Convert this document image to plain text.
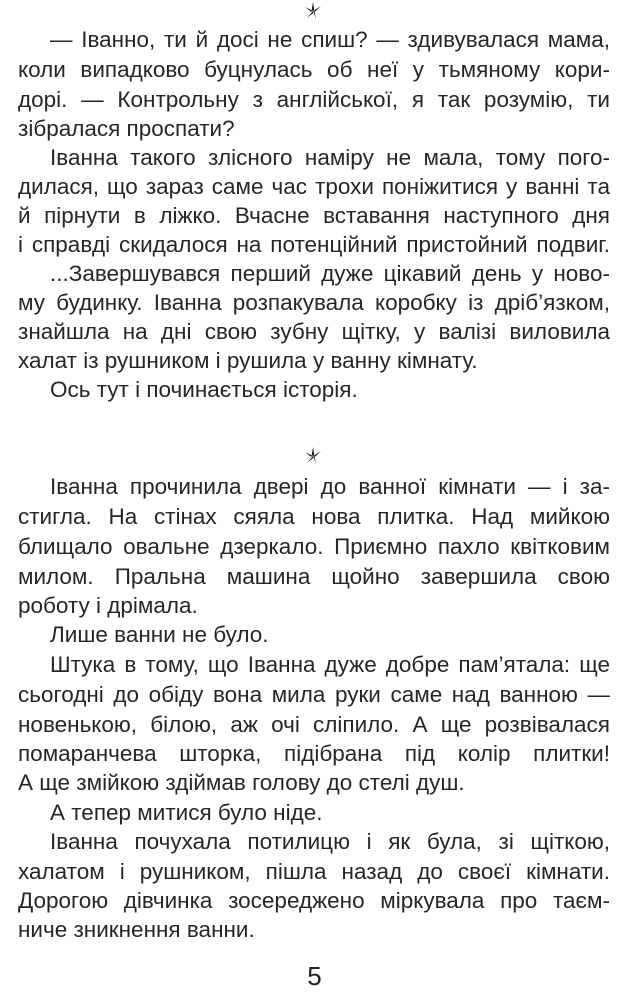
— Іванно, ти й досі не спиш? — здивувалася мама,
коли випадково буцнулась об неї у тьмяному кори-
дорі. — Контрольну з англійської, я так розумію, ти
зібралася проспати?
Іванна такого злісного наміру не мала, тому пого-
дилася, що зараз саме час трохи поніжитися у ванні та
й пірнути в ліжко. Вчасне вставання наступного дня
і справді скидалося на потенційний пристойний подвиг.
...Завершувався перший дуже цікавий день у ново-
му будинку. Іванна розпакувала коробку із дріб’язком,
знайшла на дні свою зубну щітку, у валізі виловила
халат із рушником і рушила у ванну кімнату.
Ось тут і починається історія.
Іванна прочинила двері до ванної кімнати — і за-
стигла. На стінах сяяла нова плитка. Над мийкою
блищало овальне дзеркало. Приємно пахло квітковим
милом. Пральна машина щойно завершила свою
роботу і дрімала.
Лише ванни не було.
Штука в тому, що Іванна дуже добре пам’ятала: ще
сьогодні до обіду вона мила руки саме над ванною —
новенькою, білою, аж очі сліпило. А ще розвівалася
помаранчева шторка, підібрана під колір плитки!
А ще змійкою здіймав голову до стелі душ.
А тепер митися було ніде.
Іванна почухала потилицю і як була, зі щіткою,
халатом і рушником, пішла назад до своєї кімнати.
Дорогою дівчинка зосереджено міркувала про таєм-
ниче зникнення ванни.
5
